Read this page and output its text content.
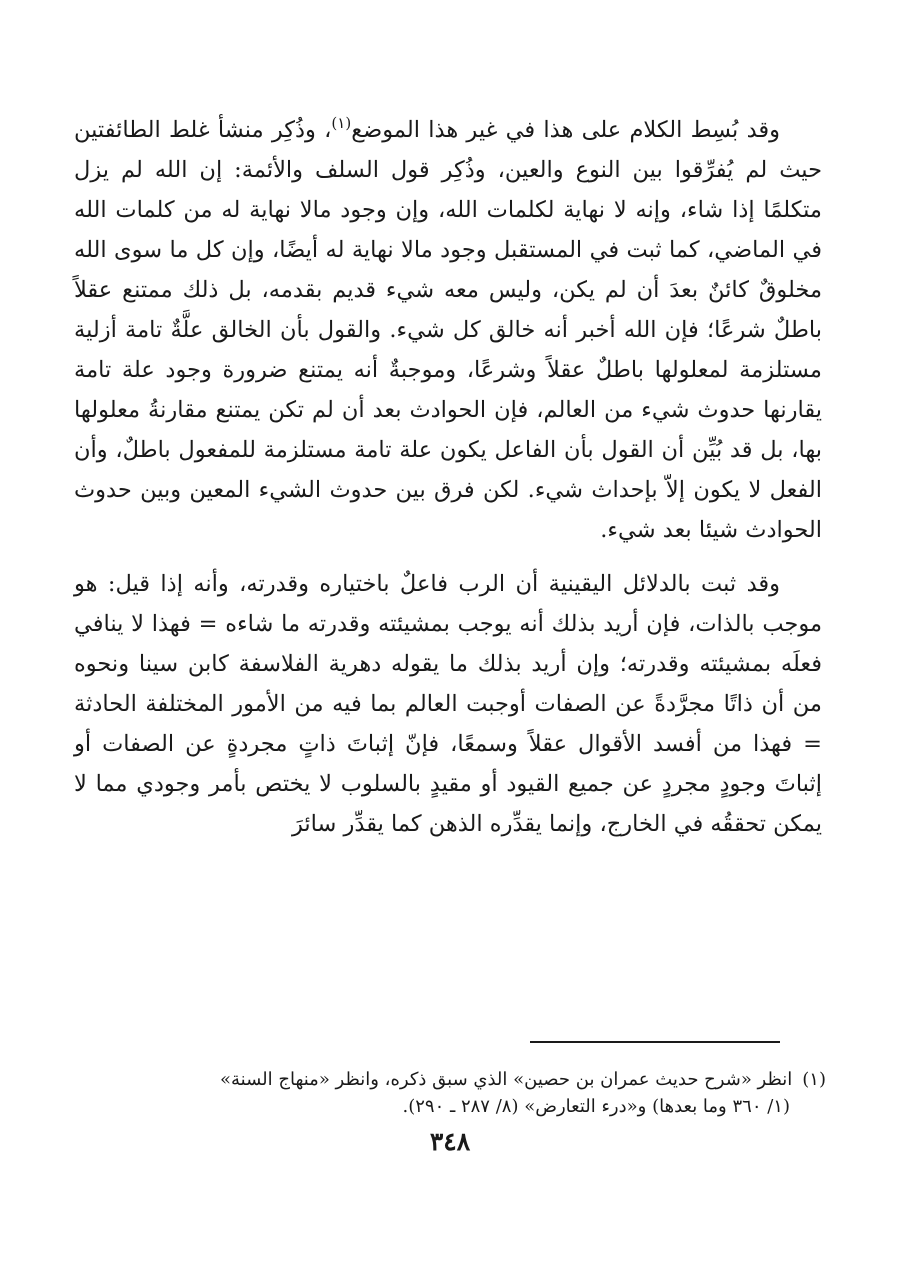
وقد بُسِط الكلام على هذا في غير هذا الموضع$^{(١)}$، وذُكِر منشأ غلط الطائفتين حيث لم يُفرِّقوا بين النوع والعين، وذُكِر قول السلف والأئمة: إن الله لم يزل متكلمًا إذا شاء، وإنه لا نهاية لكلمات الله، وإن وجود مالا نهاية له من كلمات الله في الماضي، كما ثبت في المستقبل وجود مالا نهاية له أيضًا، وإن كل ما سوى الله مخلوقٌ كائنٌ بعدَ أن لم يكن، وليس معه شيء قديم بقدمه، بل ذلك ممتنع عقلاً باطلٌ شرعًا؛ فإن الله أخبر أنه خالق كل شيء. والقول بأن الخالق علَّةٌ تامة أزلية مستلزمة لمعلولها باطلٌ عقلاً وشرعًا، وموجبةٌ أنه يمتنع ضرورة وجود علة تامة يقارنها حدوث شيء من العالم، فإن الحوادث بعد أن لم تكن يمتنع مقارنةُ معلولها بها، بل قد بُيِّن أن القول بأن الفاعل يكون علة تامة مستلزمة للمفعول باطلٌ، وأن الفعل لا يكون إلاّ بإحداث شيء. لكن فرق بين حدوث الشيء المعين وبين حدوث الحوادث شيئا بعد شيء.

وقد ثبت بالدلائل اليقينية أن الرب فاعلٌ باختياره وقدرته، وأنه إذا قيل: هو موجب بالذات، فإن أريد بذلك أنه يوجب بمشيئته وقدرته ما شاءه = فهذا لا ينافي فعلَه بمشيئته وقدرته؛ وإن أريد بذلك ما يقوله دهرية الفلاسفة كابن سينا ونحوه من أن ذاتًا مجرَّدةً عن الصفات أوجبت العالم بما فيه من الأمور المختلفة الحادثة = فهذا من أفسد الأقوال عقلاً وسمعًا، فإنّ إثباتَ ذاتٍ مجردةٍ عن الصفات أو إثباتَ وجودٍ مجردٍ عن جميع القيود أو مقيدٍ بالسلوب لا يختص بأمر وجودي مما لا يمكن تحققُه في الخارج، وإنما يقدِّره الذهن كما يقدِّر سائرَ

(١)انظر «شرح حديث عمران بن حصين» الذي سبق ذكره، وانظر «منهاج السنة»
(١/ ٣٦٠ وما بعدها) و«درء التعارض» (٨/ ٢٨٧ ـ ٢٩٠).
٣٤٨
